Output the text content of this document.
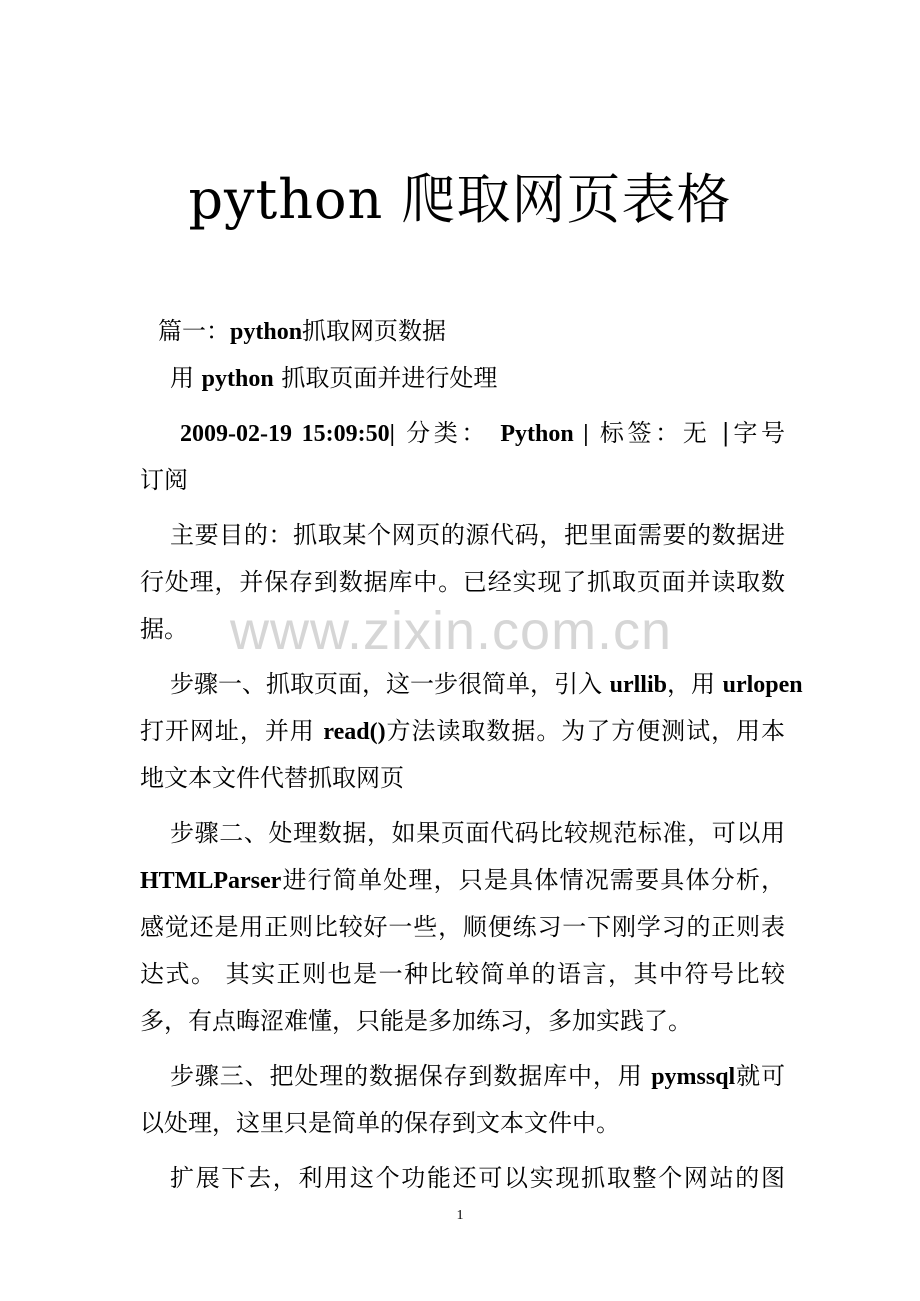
python 爬取网页表格
www.zixin.com.cn
篇一：python抓取网页数据
用 python 抓取页面并进行处理
2009-02-19 15:09:50| 分类： Python | 标签：无 |字号
订阅
主要目的：抓取某个网页的源代码，把里面需要的数据进
行处理，并保存到数据库中。已经实现了抓取页面并读取数
据。
步骤一、抓取页面，这一步很简单，引入 urllib，用 urlopen
打开网址，并用 read()方法读取数据。为了方便测试，用本
地文本文件代替抓取网页
步骤二、处理数据，如果页面代码比较规范标准，可以用
HTMLParser进行简单处理，只是具体情况需要具体分析，
感觉还是用正则比较好一些，顺便练习一下刚学习的正则表
达式。 其实正则也是一种比较简单的语言，其中符号比较
多，有点晦涩难懂，只能是多加练习，多加实践了。
步骤三、把处理的数据保存到数据库中，用 pymssql就可
以处理，这里只是简单的保存到文本文件中。
扩展下去，利用这个功能还可以实现抓取整个网站的图
1
